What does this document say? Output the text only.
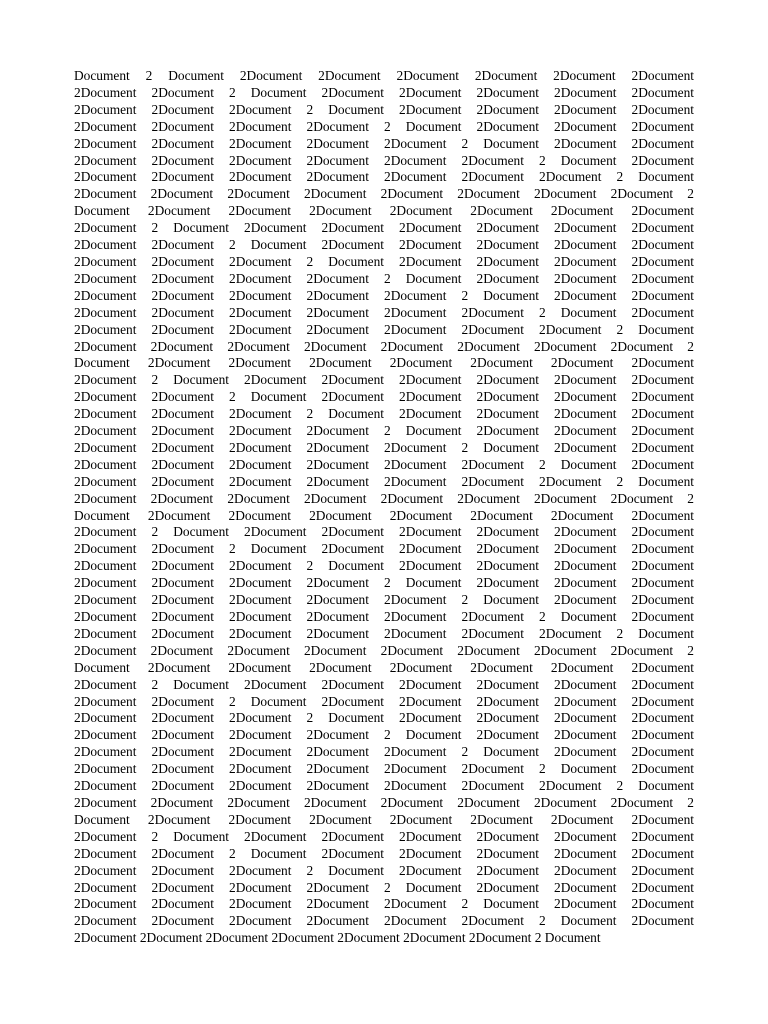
Document 2 Document 2Document 2Document 2Document 2Document 2Document 2Document
2Document 2Document 2 Document 2Document 2Document 2Document 2Document 2Document
2Document 2Document 2Document 2 Document 2Document 2Document 2Document 2Document
2Document 2Document 2Document 2Document 2 Document 2Document 2Document 2Document
2Document 2Document 2Document 2Document 2Document 2 Document 2Document 2Document
2Document 2Document 2Document 2Document 2Document 2Document 2 Document 2Document
2Document 2Document 2Document 2Document 2Document 2Document 2Document 2 Document
2Document 2Document 2Document 2Document 2Document 2Document 2Document 2Document 2
Document 2Document 2Document 2Document 2Document 2Document 2Document 2Document
2Document 2 Document 2Document 2Document 2Document 2Document 2Document 2Document
2Document 2Document 2 Document 2Document 2Document 2Document 2Document 2Document
2Document 2Document 2Document 2 Document 2Document 2Document 2Document 2Document
2Document 2Document 2Document 2Document 2 Document 2Document 2Document 2Document
2Document 2Document 2Document 2Document 2Document 2 Document 2Document 2Document
2Document 2Document 2Document 2Document 2Document 2Document 2 Document 2Document
2Document 2Document 2Document 2Document 2Document 2Document 2Document 2 Document
2Document 2Document 2Document 2Document 2Document 2Document 2Document 2Document 2
Document 2Document 2Document 2Document 2Document 2Document 2Document 2Document
2Document 2 Document 2Document 2Document 2Document 2Document 2Document 2Document
2Document 2Document 2 Document 2Document 2Document 2Document 2Document 2Document
2Document 2Document 2Document 2 Document 2Document 2Document 2Document 2Document
2Document 2Document 2Document 2Document 2 Document 2Document 2Document 2Document
2Document 2Document 2Document 2Document 2Document 2 Document 2Document 2Document
2Document 2Document 2Document 2Document 2Document 2Document 2 Document 2Document
2Document 2Document 2Document 2Document 2Document 2Document 2Document 2 Document
2Document 2Document 2Document 2Document 2Document 2Document 2Document 2Document 2
Document 2Document 2Document 2Document 2Document 2Document 2Document 2Document
2Document 2 Document 2Document 2Document 2Document 2Document 2Document 2Document
2Document 2Document 2 Document 2Document 2Document 2Document 2Document 2Document
2Document 2Document 2Document 2 Document 2Document 2Document 2Document 2Document
2Document 2Document 2Document 2Document 2 Document 2Document 2Document 2Document
2Document 2Document 2Document 2Document 2Document 2 Document 2Document 2Document
2Document 2Document 2Document 2Document 2Document 2Document 2 Document 2Document
2Document 2Document 2Document 2Document 2Document 2Document 2Document 2 Document
2Document 2Document 2Document 2Document 2Document 2Document 2Document 2Document 2
Document 2Document 2Document 2Document 2Document 2Document 2Document 2Document
2Document 2 Document 2Document 2Document 2Document 2Document 2Document 2Document
2Document 2Document 2 Document 2Document 2Document 2Document 2Document 2Document
2Document 2Document 2Document 2 Document 2Document 2Document 2Document 2Document
2Document 2Document 2Document 2Document 2 Document 2Document 2Document 2Document
2Document 2Document 2Document 2Document 2Document 2 Document 2Document 2Document
2Document 2Document 2Document 2Document 2Document 2Document 2 Document 2Document
2Document 2Document 2Document 2Document 2Document 2Document 2Document 2 Document
2Document 2Document 2Document 2Document 2Document 2Document 2Document 2Document 2
Document 2Document 2Document 2Document 2Document 2Document 2Document 2Document
2Document 2 Document 2Document 2Document 2Document 2Document 2Document 2Document
2Document 2Document 2 Document 2Document 2Document 2Document 2Document 2Document
2Document 2Document 2Document 2 Document 2Document 2Document 2Document 2Document
2Document 2Document 2Document 2Document 2 Document 2Document 2Document 2Document
2Document 2Document 2Document 2Document 2Document 2 Document 2Document 2Document
2Document 2Document 2Document 2Document 2Document 2Document 2 Document 2Document
2Document 2Document 2Document 2Document 2Document 2Document 2Document 2 Document
